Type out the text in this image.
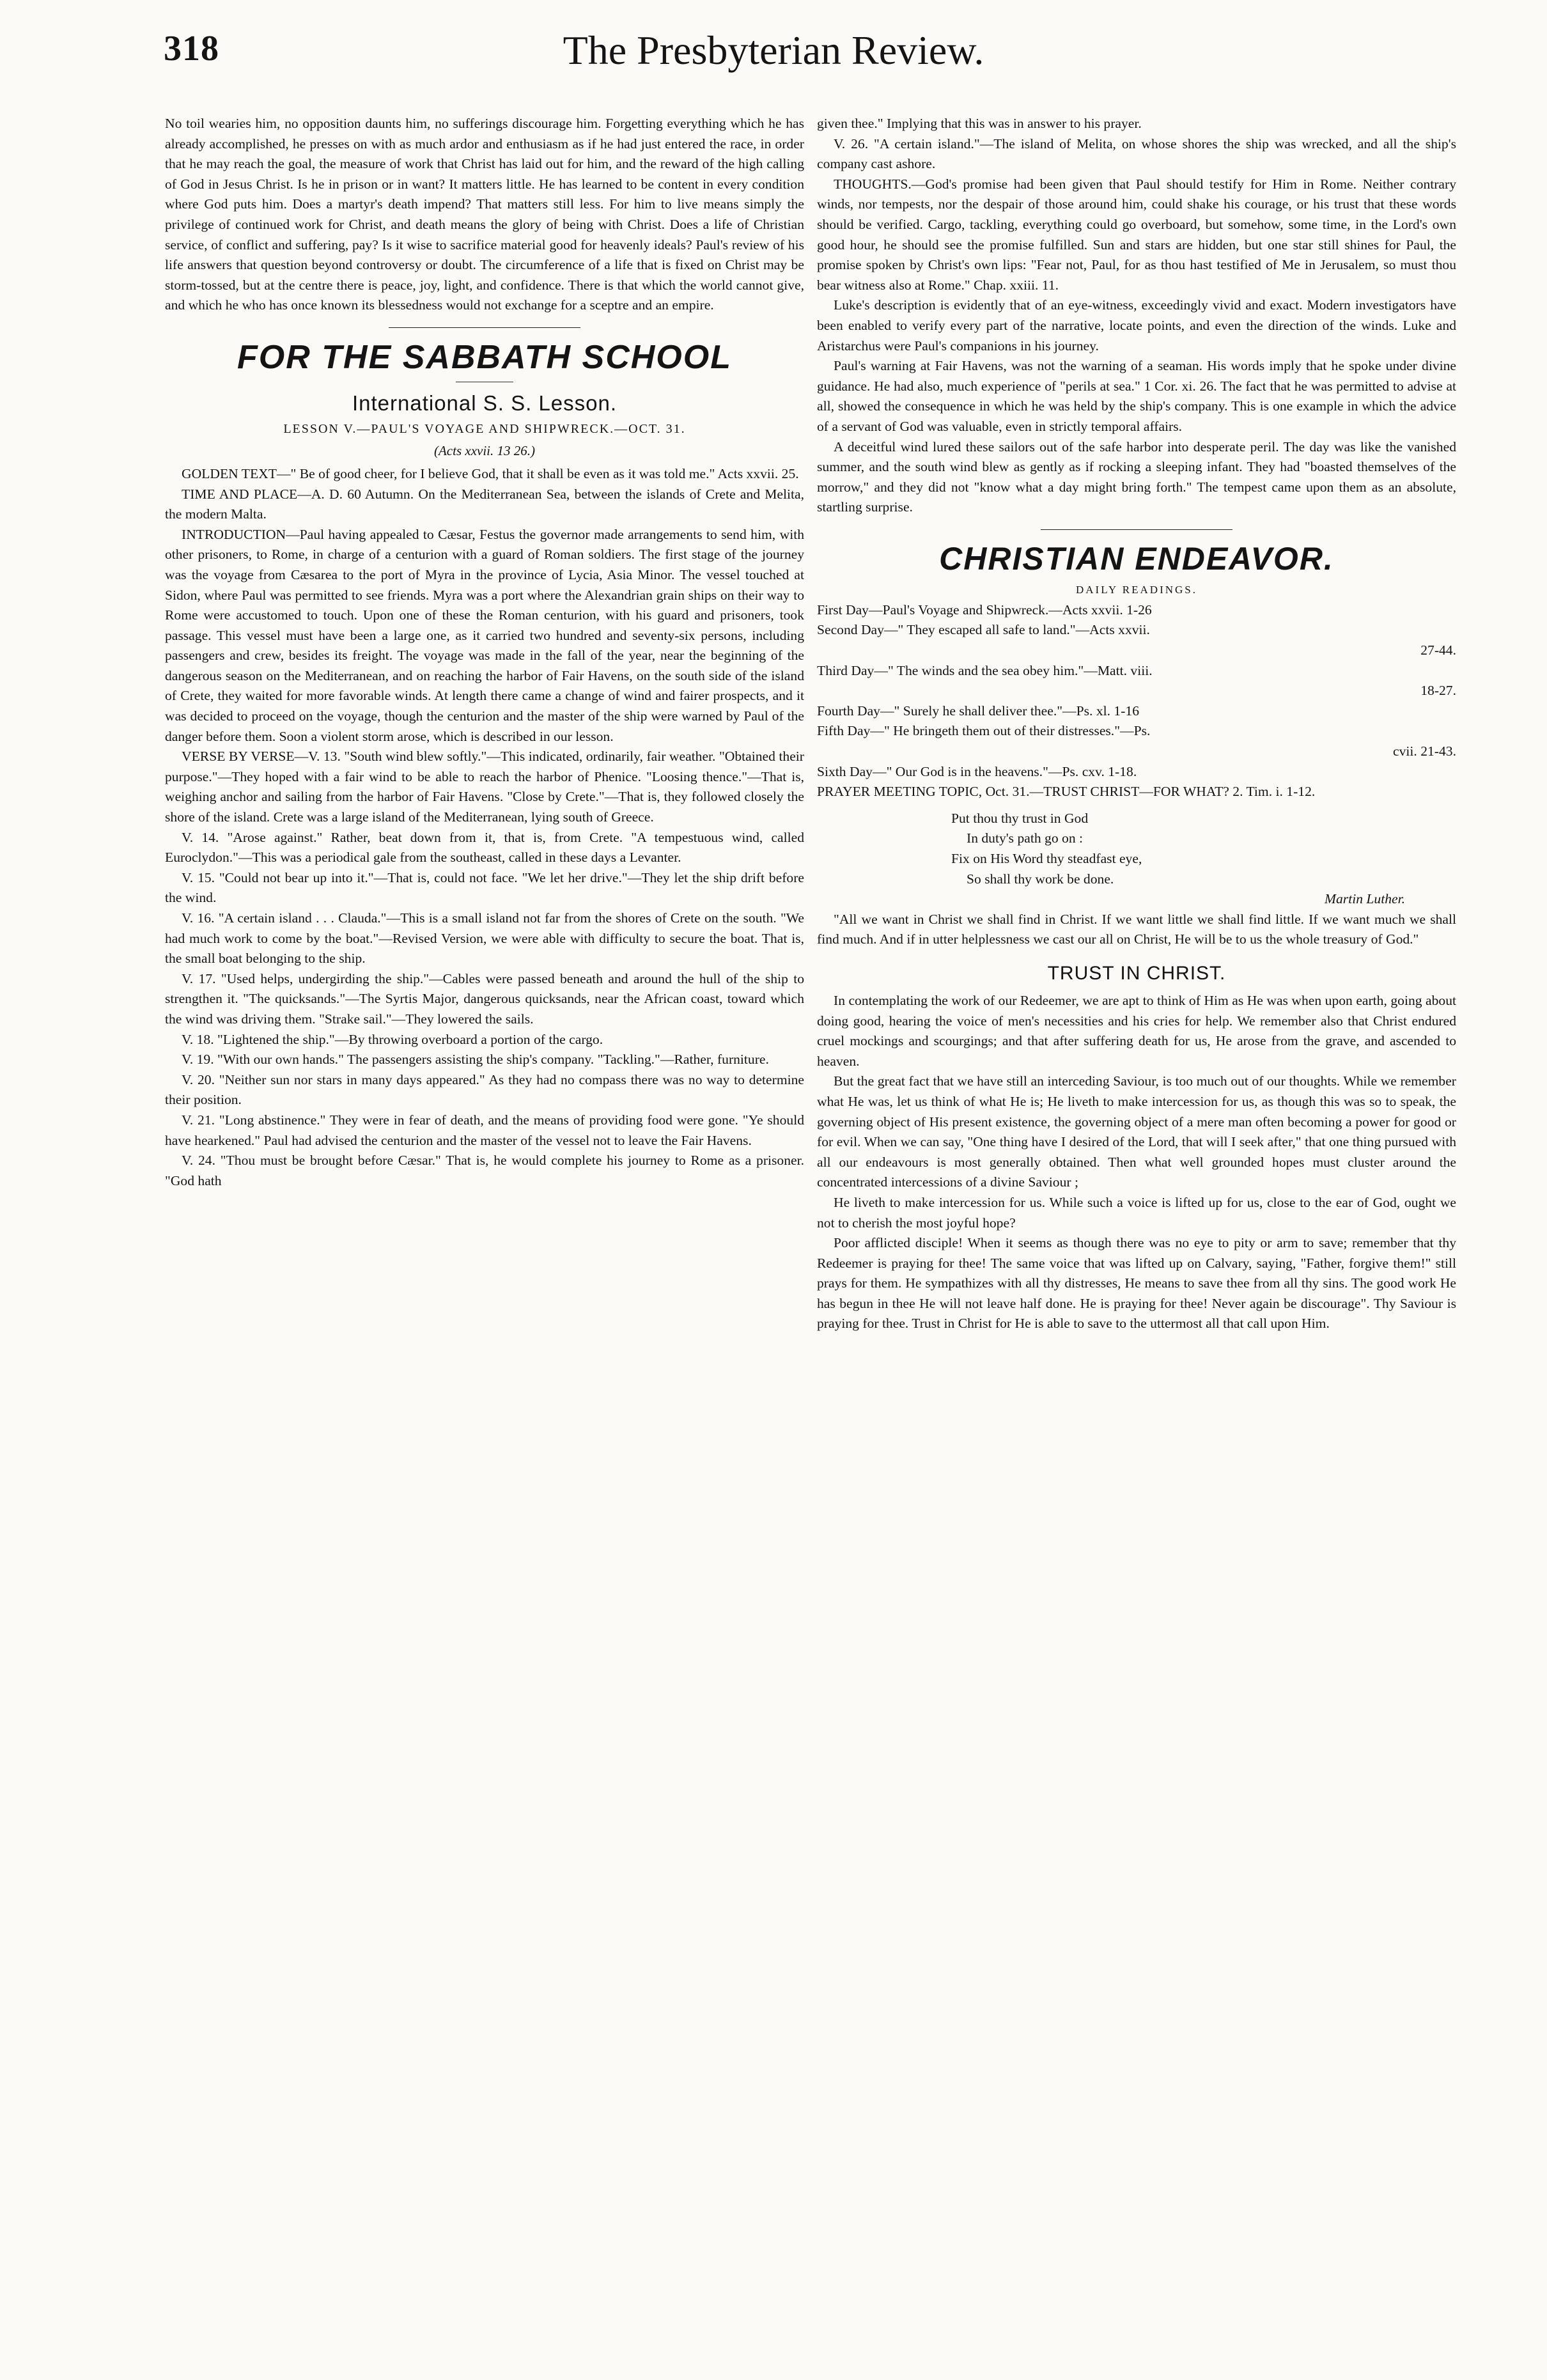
318	The Presbyterian Review.

No toil wearies him, no opposition daunts him, no sufferings discourage him. Forgetting everything which he has already accomplished, he presses on with as much ardor and enthusiasm as if he had just entered the race, in order that he may reach the goal, the measure of work that Christ has laid out for him, and the reward of the high calling of God in Jesus Christ. Is he in prison or in want? It matters little. He has learned to be content in every condition where God puts him. Does a martyr's death impend? That matters still less. For him to live means simply the privilege of continued work for Christ, and death means the glory of being with Christ. Does a life of Christian service, of conflict and suffering, pay? Is it wise to sacrifice material good for heavenly ideals? Paul's review of his life answers that question beyond controversy or doubt. The circumference of a life that is fixed on Christ may be storm-tossed, but at the centre there is peace, joy, light, and confidence. There is that which the world cannot give, and which he who has once known its blessedness would not exchange for a sceptre and an empire.

FOR THE SABBATH SCHOOL
International S. S. Lesson.
LESSON V.—PAUL'S VOYAGE AND SHIPWRECK.—OCT. 31.
(Acts xxvii. 13 26.)

GOLDEN TEXT—" Be of good cheer, for I believe God, that it shall be even as it was told me." Acts xxvii. 25.

TIME AND PLACE—A. D. 60 Autumn. On the Mediterranean Sea, between the islands of Crete and Melita, the modern Malta.

INTRODUCTION—Paul having appealed to Cæsar, Festus the governor made arrangements to send him, with other prisoners, to Rome, in charge of a centurion with a guard of Roman soldiers. The first stage of the journey was the voyage from Cæsarea to the port of Myra in the province of Lycia, Asia Minor. The vessel touched at Sidon, where Paul was permitted to see friends. Myra was a port where the Alexandrian grain ships on their way to Rome were accustomed to touch. Upon one of these the Roman centurion, with his guard and prisoners, took passage. This vessel must have been a large one, as it carried two hundred and seventy-six persons, including passengers and crew, besides its freight. The voyage was made in the fall of the year, near the beginning of the dangerous season on the Mediterranean, and on reaching the harbor of Fair Havens, on the south side of the island of Crete, they waited for more favorable winds. At length there came a change of wind and fairer prospects, and it was decided to proceed on the voyage, though the centurion and the master of the ship were warned by Paul of the danger before them. Soon a violent storm arose, which is described in our lesson.

VERSE BY VERSE—V. 13. "South wind blew softly."—This indicated, ordinarily, fair weather. "Obtained their purpose."—They hoped with a fair wind to be able to reach the harbor of Phenice. "Loosing thence."—That is, weighing anchor and sailing from the harbor of Fair Havens. "Close by Crete."—That is, they followed closely the shore of the island. Crete was a large island of the Mediterranean, lying south of Greece.

V. 14. "Arose against." Rather, beat down from it, that is, from Crete. "A tempestuous wind, called Euroclydon."—This was a periodical gale from the southeast, called in these days a Levanter.

V. 15. "Could not bear up into it."—That is, could not face. "We let her drive."—They let the ship drift before the wind.

V. 16. "A certain island . . . Clauda."—This is a small island not far from the shores of Crete on the south. "We had much work to come by the boat."—Revised Version, we were able with difficulty to secure the boat. That is, the small boat belonging to the ship.

V. 17. "Used helps, undergirding the ship."—Cables were passed beneath and around the hull of the ship to strengthen it. "The quicksands."—The Syrtis Major, dangerous quicksands, near the African coast, toward which the wind was driving them. "Strake sail."—They lowered the sails.

V. 18. "Lightened the ship."—By throwing overboard a portion of the cargo.

V. 19. "With our own hands." The passengers assisting the ship's company. "Tackling."—Rather, furniture.

V. 20. "Neither sun nor stars in many days appeared." As they had no compass there was no way to determine their position.

V. 21. "Long abstinence." They were in fear of death, and the means of providing food were gone. "Ye should have hearkened." Paul had advised the centurion and the master of the vessel not to leave the Fair Havens.

V. 24. "Thou must be brought before Cæsar." That is, he would complete his journey to Rome as a prisoner. "God hath

given thee." Implying that this was in answer to his prayer.

V. 26. "A certain island."—The island of Melita, on whose shores the ship was wrecked, and all the ship's company cast ashore.

THOUGHTS.—God's promise had been given that Paul should testify for Him in Rome. Neither contrary winds, nor tempests, nor the despair of those around him, could shake his courage, or his trust that these words should be verified. Cargo, tackling, everything could go overboard, but somehow, some time, in the Lord's own good hour, he should see the promise fulfilled. Sun and stars are hidden, but one star still shines for Paul, the promise spoken by Christ's own lips: "Fear not, Paul, for as thou hast testified of Me in Jerusalem, so must thou bear witness also at Rome." Chap. xxiii. 11.

Luke's description is evidently that of an eye-witness, exceedingly vivid and exact. Modern investigators have been enabled to verify every part of the narrative, locate points, and even the direction of the winds. Luke and Aristarchus were Paul's companions in his journey.

Paul's warning at Fair Havens, was not the warning of a seaman. His words imply that he spoke under divine guidance. He had also, much experience of "perils at sea." 1 Cor. xi. 26. The fact that he was permitted to advise at all, showed the consequence in which he was held by the ship's company. This is one example in which the advice of a servant of God was valuable, even in strictly temporal affairs.

A deceitful wind lured these sailors out of the safe harbor into desperate peril. The day was like the vanished summer, and the south wind blew as gently as if rocking a sleeping infant. They had "boasted themselves of the morrow," and they did not "know what a day might bring forth." The tempest came upon them as an absolute, startling surprise.

CHRISTIAN ENDEAVOR.
DAILY READINGS.
First Day—Paul's Voyage and Shipwreck.—Acts xxvii. 1-26
Second Day—" They escaped all safe to land."—Acts xxvii.
27-44.
Third Day—" The winds and the sea obey him."—Matt. viii.
18-27.
Fourth Day—" Surely he shall deliver thee."—Ps. xl. 1-16
Fifth Day—" He bringeth them out of their distresses."—Ps.
cvii. 21-43.
Sixth Day—" Our God is in the heavens."—Ps. cxv. 1-18.

PRAYER MEETING TOPIC, Oct. 31.—TRUST CHRIST—FOR WHAT? 2. Tim. i. 1-12.

Put thou thy trust in God
In duty's path go on :
Fix on His Word thy steadfast eye,
So shall thy work be done.
Martin Luther.

"All we want in Christ we shall find in Christ. If we want little we shall find little. If we want much we shall find much. And if in utter helplessness we cast our all on Christ, He will be to us the whole treasury of God."

TRUST IN CHRIST.

In contemplating the work of our Redeemer, we are apt to think of Him as He was when upon earth, going about doing good, hearing the voice of men's necessities and his cries for help. We remember also that Christ endured cruel mockings and scourgings; and that after suffering death for us, He arose from the grave, and ascended to heaven.

But the great fact that we have still an interceding Saviour, is too much out of our thoughts. While we remember what He was, let us think of what He is; He liveth to make intercession for us, as though this was so to speak, the governing object of His present existence, the governing object of a mere man often becoming a power for good or for evil. When we can say, "One thing have I desired of the Lord, that will I seek after," that one thing pursued with all our endeavours is most generally obtained. Then what well grounded hopes must cluster around the concentrated intercessions of a divine Saviour ;

He liveth to make intercession for us. While such a voice is lifted up for us, close to the ear of God, ought we not to cherish the most joyful hope?

Poor afflicted disciple! When it seems as though there was no eye to pity or arm to save; remember that thy Redeemer is praying for thee! The same voice that was lifted up on Calvary, saying, "Father, forgive them!" still prays for them. He sympathizes with all thy distresses, He means to save thee from all thy sins. The good work He has begun in thee He will not leave half done. He is praying for thee! Never again be discourage". Thy Saviour is praying for thee. Trust in Christ for He is able to save to the uttermost all that call upon Him.
